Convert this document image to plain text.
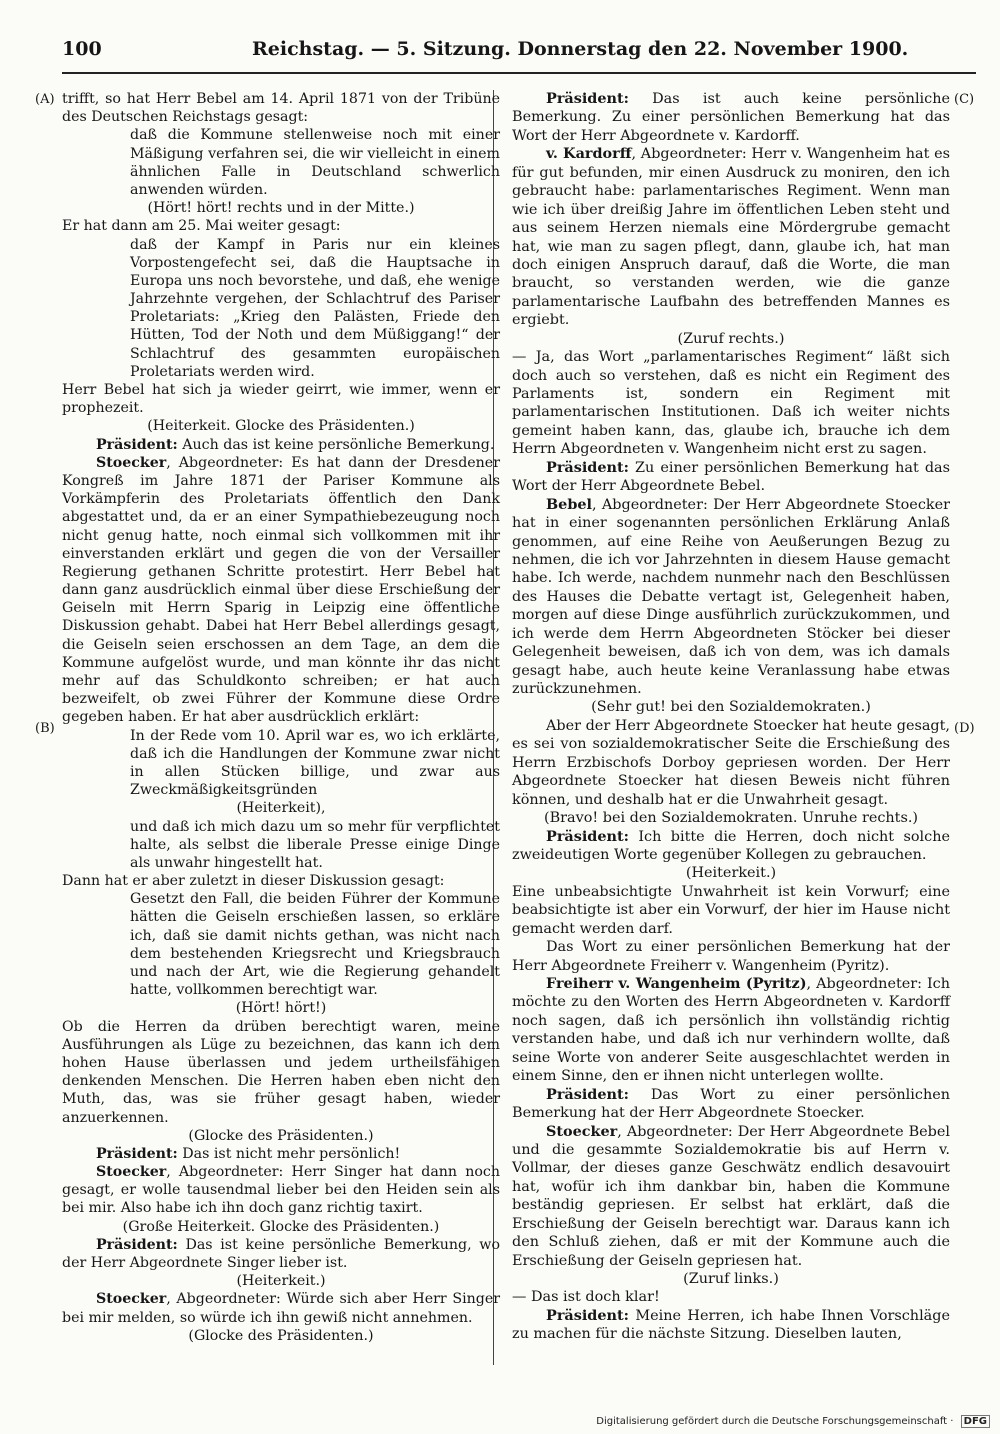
100	Reichstag. — 5. Sitzung. Donnerstag den 22. November 1900.
(A)
(B)
(C)
(D)

trifft, so hat Herr Bebel am 14. April 1871 von der Tribüne des Deutschen Reichstags gesagt:

daß die Kommune stellenweise noch mit einer Mäßigung verfahren sei, die wir vielleicht in einem ähnlichen Falle in Deutschland schwerlich anwenden würden.

(Hört! hört! rechts und in der Mitte.)

Er hat dann am 25. Mai weiter gesagt:

daß der Kampf in Paris nur ein kleines Vorpostengefecht sei, daß die Hauptsache in Europa uns noch bevorstehe, und daß, ehe wenige Jahrzehnte vergehen, der Schlachtruf des Pariser Proletariats: „Krieg den Palästen, Friede den Hütten, Tod der Noth und dem Müßiggang!“ der Schlachtruf des gesammten europäischen Proletariats werden wird.

Herr Bebel hat sich ja wieder geirrt, wie immer, wenn er prophezeit.

(Heiterkeit. Glocke des Präsidenten.)

Präsident: Auch das ist keine persönliche Bemerkung.

Stoecker, Abgeordneter: Es hat dann der Dresdener Kongreß im Jahre 1871 der Pariser Kommune als Vorkämpferin des Proletariats öffentlich den Dank abgestattet und, da er an einer Sympathiebezeugung noch nicht genug hatte, noch einmal sich vollkommen mit ihr einverstanden erklärt und gegen die von der Versailler Regierung gethanen Schritte protestirt. Herr Bebel hat dann ganz ausdrücklich einmal über diese Erschießung der Geiseln mit Herrn Sparig in Leipzig eine öffentliche Diskussion gehabt. Dabei hat Herr Bebel allerdings gesagt, die Geiseln seien erschossen an dem Tage, an dem die Kommune aufgelöst wurde, und man könnte ihr das nicht mehr auf das Schuldkonto schreiben; er hat auch bezweifelt, ob zwei Führer der Kommune diese Ordre gegeben haben. Er hat aber ausdrücklich erklärt:

In der Rede vom 10. April war es, wo ich erklärte, daß ich die Handlungen der Kommune zwar nicht in allen Stücken billige, und zwar aus Zweckmäßigkeitsgründen

(Heiterkeit),

und daß ich mich dazu um so mehr für verpflichtet halte, als selbst die liberale Presse einige Dinge als unwahr hingestellt hat.

Dann hat er aber zuletzt in dieser Diskussion gesagt:

Gesetzt den Fall, die beiden Führer der Kommune hätten die Geiseln erschießen lassen, so erkläre ich, daß sie damit nichts gethan, was nicht nach dem bestehenden Kriegsrecht und Kriegsbrauch und nach der Art, wie die Regierung gehandelt hatte, vollkommen berechtigt war.

(Hört! hört!)

Ob die Herren da drüben berechtigt waren, meine Ausführungen als Lüge zu bezeichnen, das kann ich dem hohen Hause überlassen und jedem urtheilsfähigen denkenden Menschen. Die Herren haben eben nicht den Muth, das, was sie früher gesagt haben, wieder anzuerkennen.

(Glocke des Präsidenten.)

Präsident: Das ist nicht mehr persönlich!

Stoecker, Abgeordneter: Herr Singer hat dann noch gesagt, er wolle tausendmal lieber bei den Heiden sein als bei mir. Also habe ich ihn doch ganz richtig taxirt.

(Große Heiterkeit. Glocke des Präsidenten.)

Präsident: Das ist keine persönliche Bemerkung, wo der Herr Abgeordnete Singer lieber ist.

(Heiterkeit.)

Stoecker, Abgeordneter: Würde sich aber Herr Singer bei mir melden, so würde ich ihn gewiß nicht annehmen.

(Glocke des Präsidenten.)

Präsident: Das ist auch keine persönliche Bemerkung. Zu einer persönlichen Bemerkung hat das Wort der Herr Abgeordnete v. Kardorff.

v. Kardorff, Abgeordneter: Herr v. Wangenheim hat es für gut befunden, mir einen Ausdruck zu moniren, den ich gebraucht habe: parlamentarisches Regiment. Wenn man wie ich über dreißig Jahre im öffentlichen Leben steht und aus seinem Herzen niemals eine Mördergrube gemacht hat, wie man zu sagen pflegt, dann, glaube ich, hat man doch einigen Anspruch darauf, daß die Worte, die man braucht, so verstanden werden, wie die ganze parlamentarische Laufbahn des betreffenden Mannes es ergiebt.

(Zuruf rechts.)

— Ja, das Wort „parlamentarisches Regiment“ läßt sich doch auch so verstehen, daß es nicht ein Regiment des Parlaments ist, sondern ein Regiment mit parlamentarischen Institutionen. Daß ich weiter nichts gemeint haben kann, das, glaube ich, brauche ich dem Herrn Abgeordneten v. Wangenheim nicht erst zu sagen.

Präsident: Zu einer persönlichen Bemerkung hat das Wort der Herr Abgeordnete Bebel.

Bebel, Abgeordneter: Der Herr Abgeordnete Stoecker hat in einer sogenannten persönlichen Erklärung Anlaß genommen, auf eine Reihe von Aeußerungen Bezug zu nehmen, die ich vor Jahrzehnten in diesem Hause gemacht habe. Ich werde, nachdem nunmehr nach den Beschlüssen des Hauses die Debatte vertagt ist, Gelegenheit haben, morgen auf diese Dinge ausführlich zurückzukommen, und ich werde dem Herrn Abgeordneten Stöcker bei dieser Gelegenheit beweisen, daß ich von dem, was ich damals gesagt habe, auch heute keine Veranlassung habe etwas zurückzunehmen.

(Sehr gut! bei den Sozialdemokraten.)

Aber der Herr Abgeordnete Stoecker hat heute gesagt, es sei von sozialdemokratischer Seite die Erschießung des Herrn Erzbischofs Dorboy gepriesen worden. Der Herr Abgeordnete Stoecker hat diesen Beweis nicht führen können, und deshalb hat er die Unwahrheit gesagt.

(Bravo! bei den Sozialdemokraten. Unruhe rechts.)

Präsident: Ich bitte die Herren, doch nicht solche zweideutigen Worte gegenüber Kollegen zu gebrauchen.

(Heiterkeit.)

Eine unbeabsichtigte Unwahrheit ist kein Vorwurf; eine beabsichtigte ist aber ein Vorwurf, der hier im Hause nicht gemacht werden darf.

Das Wort zu einer persönlichen Bemerkung hat der Herr Abgeordnete Freiherr v. Wangenheim (Pyritz).

Freiherr v. Wangenheim (Pyritz), Abgeordneter: Ich möchte zu den Worten des Herrn Abgeordneten v. Kardorff noch sagen, daß ich persönlich ihn vollständig richtig verstanden habe, und daß ich nur verhindern wollte, daß seine Worte von anderer Seite ausgeschlachtet werden in einem Sinne, den er ihnen nicht unterlegen wollte.

Präsident: Das Wort zu einer persönlichen Bemerkung hat der Herr Abgeordnete Stoecker.

Stoecker, Abgeordneter: Der Herr Abgeordnete Bebel und die gesammte Sozialdemokratie bis auf Herrn v. Vollmar, der dieses ganze Geschwätz endlich desavouirt hat, wofür ich ihm dankbar bin, haben die Kommune beständig gepriesen. Er selbst hat erklärt, daß die Erschießung der Geiseln berechtigt war. Daraus kann ich den Schluß ziehen, daß er mit der Kommune auch die Erschießung der Geiseln gepriesen hat.

(Zuruf links.)

— Das ist doch klar!

Präsident: Meine Herren, ich habe Ihnen Vorschläge zu machen für die nächste Sitzung. Dieselben lauten,

Digitalisierung gefördert durch die Deutsche Forschungsgemeinschaft · DFG
